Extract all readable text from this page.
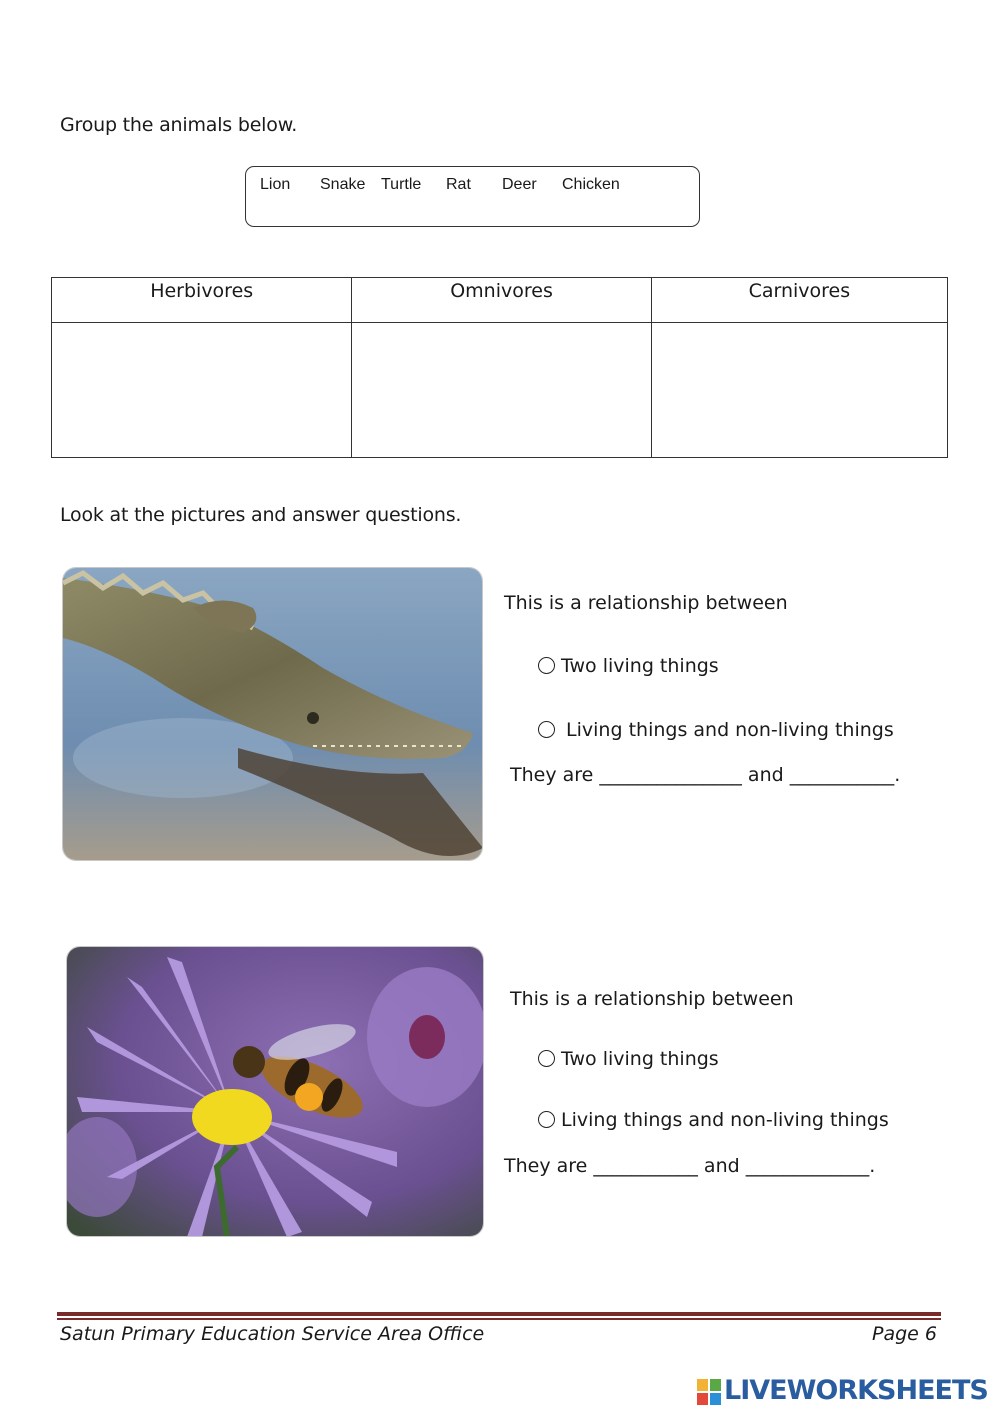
Group the animals below.
Lion Snake Turtle Rat Deer Chicken
Herbivores	Omnivores	Carnivores

Look at the pictures and answer questions.
This is a relationship between
Two living things
Living things and non-living things
They are _______________ and ___________.
This is a relationship between
Two living things
Living things and non-living things
They are ___________ and _____________.
Satun Primary Education Service Area Office	Page 6
LIVEWORKSHEETS
